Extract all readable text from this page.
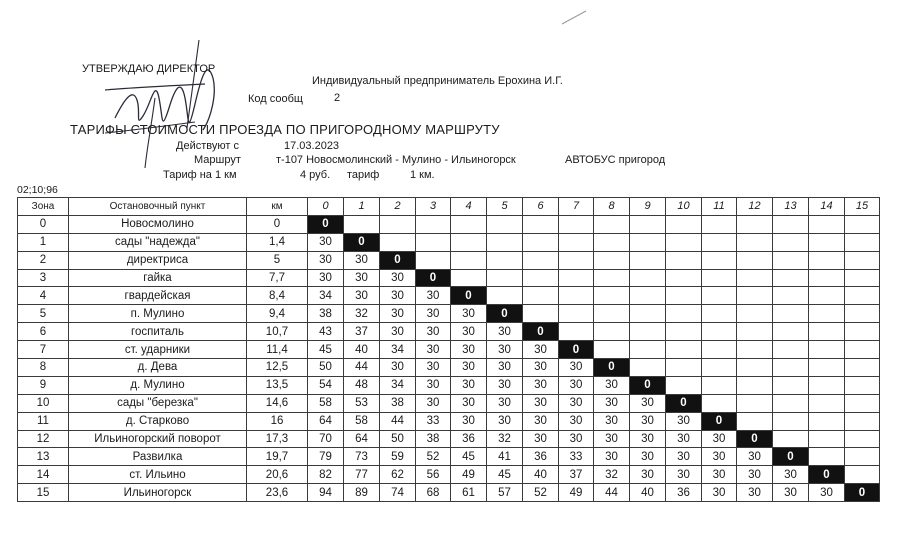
УТВЕРЖДАЮ ДИРЕКТОР
Индивидуальный предприниматель Ерохина И.Г.
Код сообщ	2
ТАРИФЫ СТОИМОСТИ ПРОЕЗДА ПО ПРИГОРОДНОМУ МАРШРУТУ
Действуют с	17.03.2023
Маршрут	т-107 Новосмолинский - Мулино - Ильиногорск	АВТОБУС пригород
Тариф на 1 км	4 руб. тариф	1 км.
02;10;96
Зона	Остановочный пункт	км	0	1	2	3	4	5	6	7	8	9	10	11	12	13	14	15
0	Новосмолино	0	0															
1	сады "надежда"	1,4	30	0														
2	директриса	5	30	30	0													
3	гайка	7,7	30	30	30	0												
4	гвардейская	8,4	34	30	30	30	0											
5	п. Мулино	9,4	38	32	30	30	30	0										
6	госпиталь	10,7	43	37	30	30	30	30	0									
7	ст. ударники	11,4	45	40	34	30	30	30	30	0								
8	д. Дева	12,5	50	44	30	30	30	30	30	30	0							
9	д. Мулино	13,5	54	48	34	30	30	30	30	30	30	0						
10	сады "березка"	14,6	58	53	38	30	30	30	30	30	30	30	0					
11	д. Старково	16	64	58	44	33	30	30	30	30	30	30	30	0				
12	Ильиногорский поворот	17,3	70	64	50	38	36	32	30	30	30	30	30	30	0			
13	Развилка	19,7	79	73	59	52	45	41	36	33	30	30	30	30	30	0		
14	ст. Ильино	20,6	82	77	62	56	49	45	40	37	32	30	30	30	30	30	0	
15	Ильиногорск	23,6	94	89	74	68	61	57	52	49	44	40	36	30	30	30	30	0
